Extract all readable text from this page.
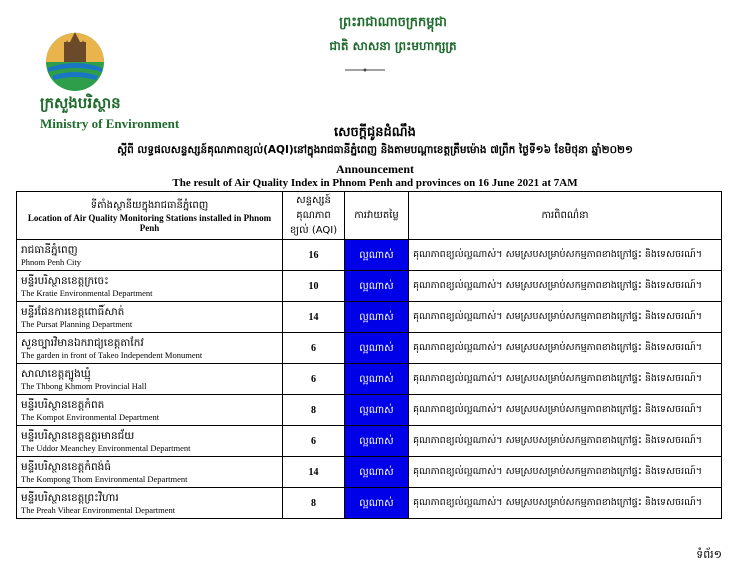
ក្រសួងបរិស្ថាន
Ministry of Environment
ព្រះរាជាណាចក្រកម្ពុជា
ជាតិ សាសនា ព្រះមហាក្សត្រ
សេចក្តីជូនដំណឹង
ស្តីពី លទ្ធផលសន្ទស្សន៍គុណភាពខ្យល់(AQI)នៅក្នុងរាជធានីភ្នំពេញ និងតាមបណ្តាខេត្តត្រឹមម៉ោង ៧ព្រឹក ថ្ងៃទី១៦ ខែមិថុនា ឆ្នាំ២០២១
Announcement
The result of Air Quality Index in Phnom Penh and provinces on 16 June 2021 at 7AM
ទីតាំងស្ថានីយក្នុងរាជធានីភ្នំពេញ
Location of Air Quality Monitoring Stations installed in Phnom Penh	សន្ទស្សន៍គុណភាពខ្យល់ (AQI)	ការវាយតម្លៃ	ការពិពណ៌នា

រាជធានីភ្នំពេញ
Phnom Penh City	16	ល្អណាស់	គុណភាពខ្យល់ល្អណាស់។ សមស្របសម្រាប់សកម្មភាពខាងក្រៅផ្ទះ និងទេសចរណ៍។

មន្ទីរបរិស្ថានខេត្តក្រចេះ
The Kratie Environmental Department	10	ល្អណាស់	គុណភាពខ្យល់ល្អណាស់។ សមស្របសម្រាប់សកម្មភាពខាងក្រៅផ្ទះ និងទេសចរណ៍។

មន្ទីរផែនការខេត្តពោធិ៍សាត់
The Pursat Planning Department	14	ល្អណាស់	គុណភាពខ្យល់ល្អណាស់។ សមស្របសម្រាប់សកម្មភាពខាងក្រៅផ្ទះ និងទេសចរណ៍។

សួនច្បារវិមានឯករាជ្យខេត្តតាកែវ
The garden in front of Takeo Independent Monument	6	ល្អណាស់	គុណភាពខ្យល់ល្អណាស់។ សមស្របសម្រាប់សកម្មភាពខាងក្រៅផ្ទះ និងទេសចរណ៍។

សាលាខេត្តត្បូងឃ្មុំ
The Thbong Khmom Provincial Hall	6	ល្អណាស់	គុណភាពខ្យល់ល្អណាស់។ សមស្របសម្រាប់សកម្មភាពខាងក្រៅផ្ទះ និងទេសចរណ៍។

មន្ទីរបរិស្ថានខេត្តកំពត
The Kompot Environmental Department	8	ល្អណាស់	គុណភាពខ្យល់ល្អណាស់។ សមស្របសម្រាប់សកម្មភាពខាងក្រៅផ្ទះ និងទេសចរណ៍។

មន្ទីរបរិស្ថានខេត្តឧត្តរមានជ័យ
The Uddor Meanchey Environmental Department	6	ល្អណាស់	គុណភាពខ្យល់ល្អណាស់។ សមស្របសម្រាប់សកម្មភាពខាងក្រៅផ្ទះ និងទេសចរណ៍។

មន្ទីរបរិស្ថានខេត្តកំពង់ធំ
The Kompong Thom Environmental Department	14	ល្អណាស់	គុណភាពខ្យល់ល្អណាស់។ សមស្របសម្រាប់សកម្មភាពខាងក្រៅផ្ទះ និងទេសចរណ៍។

មន្ទីរបរិស្ថានខេត្តព្រះវិហារ
The Preah Vihear Environmental Department	8	ល្អណាស់	គុណភាពខ្យល់ល្អណាស់។ សមស្របសម្រាប់សកម្មភាពខាងក្រៅផ្ទះ និងទេសចរណ៍។
ទំព័រ១
